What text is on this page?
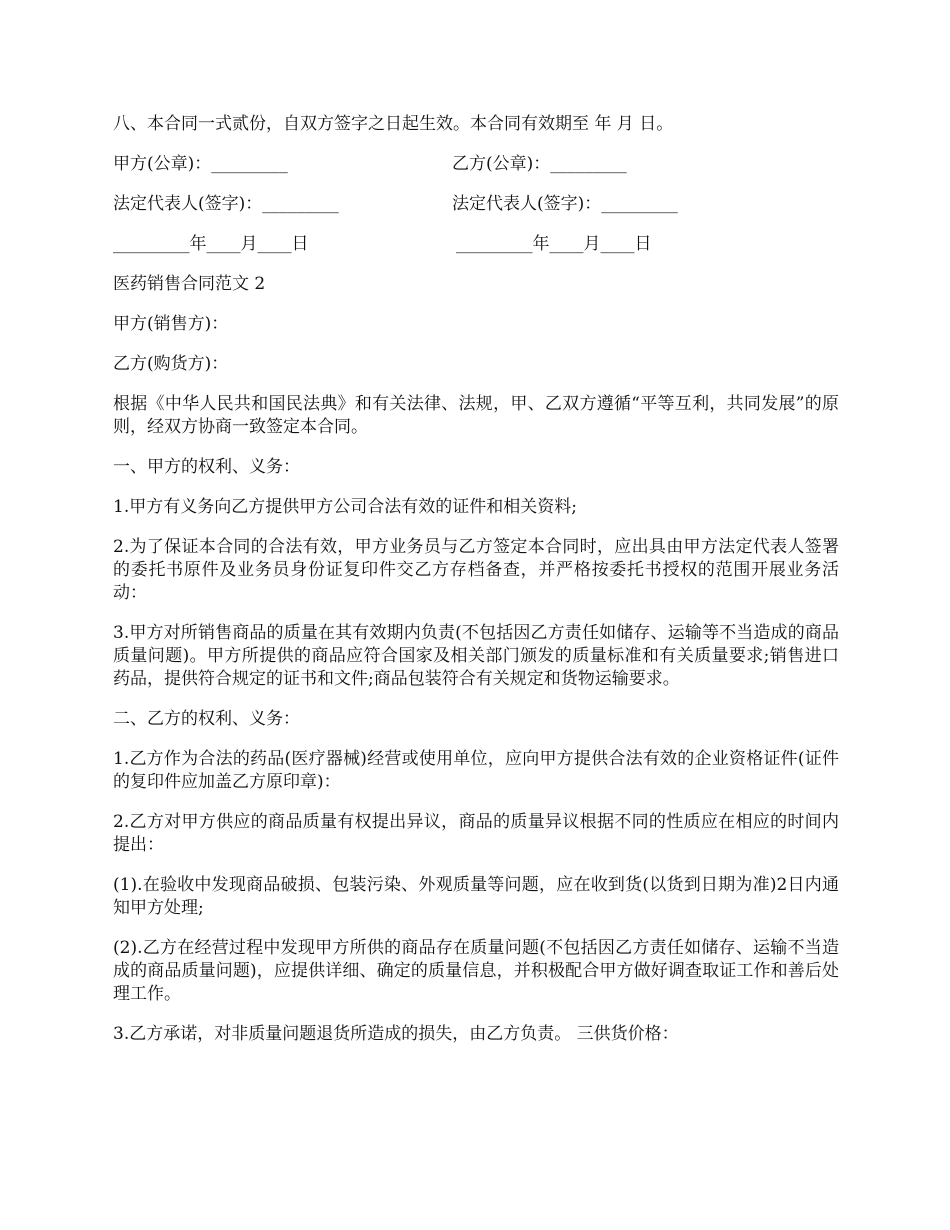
八、本合同一式贰份，自双方签字之日起生效。本合同有效期至 年 月 日。

甲方(公章)：_________	乙方(公章)：_________
法定代表人(签字)：_________	法定代表人(签字)：_________
_________年____月____日	_________年____月____日

医药销售合同范文 2

甲方(销售方)：

乙方(购货方)：

根据《中华人民共和国民法典》和有关法律、法规，甲、乙双方遵循“平等互利，共同发展”的原则，经双方协商一致签定本合同。

一、甲方的权利、义务：

1.甲方有义务向乙方提供甲方公司合法有效的证件和相关资料;

2.为了保证本合同的合法有效，甲方业务员与乙方签定本合同时，应出具由甲方法定代表人签署的委托书原件及业务员身份证复印件交乙方存档备查，并严格按委托书授权的范围开展业务活动：

3.甲方对所销售商品的质量在其有效期内负责(不包括因乙方责任如储存、运输等不当造成的商品质量问题)。甲方所提供的商品应符合国家及相关部门颁发的质量标准和有关质量要求;销售进口药品，提供符合规定的证书和文件;商品包装符合有关规定和货物运输要求。

二、乙方的权利、义务：

1.乙方作为合法的药品(医疗器械)经营或使用单位，应向甲方提供合法有效的企业资格证件(证件的复印件应加盖乙方原印章)：

2.乙方对甲方供应的商品质量有权提出异议，商品的质量异议根据不同的性质应在相应的时间内提出：

(1).在验收中发现商品破损、包装污染、外观质量等问题，应在收到货(以货到日期为准)2日内通知甲方处理;

(2).乙方在经营过程中发现甲方所供的商品存在质量问题(不包括因乙方责任如储存、运输不当造成的商品质量问题)，应提供详细、确定的质量信息，并积极配合甲方做好调查取证工作和善后处理工作。

3.乙方承诺，对非质量问题退货所造成的损失，由乙方负责。 三供货价格：
